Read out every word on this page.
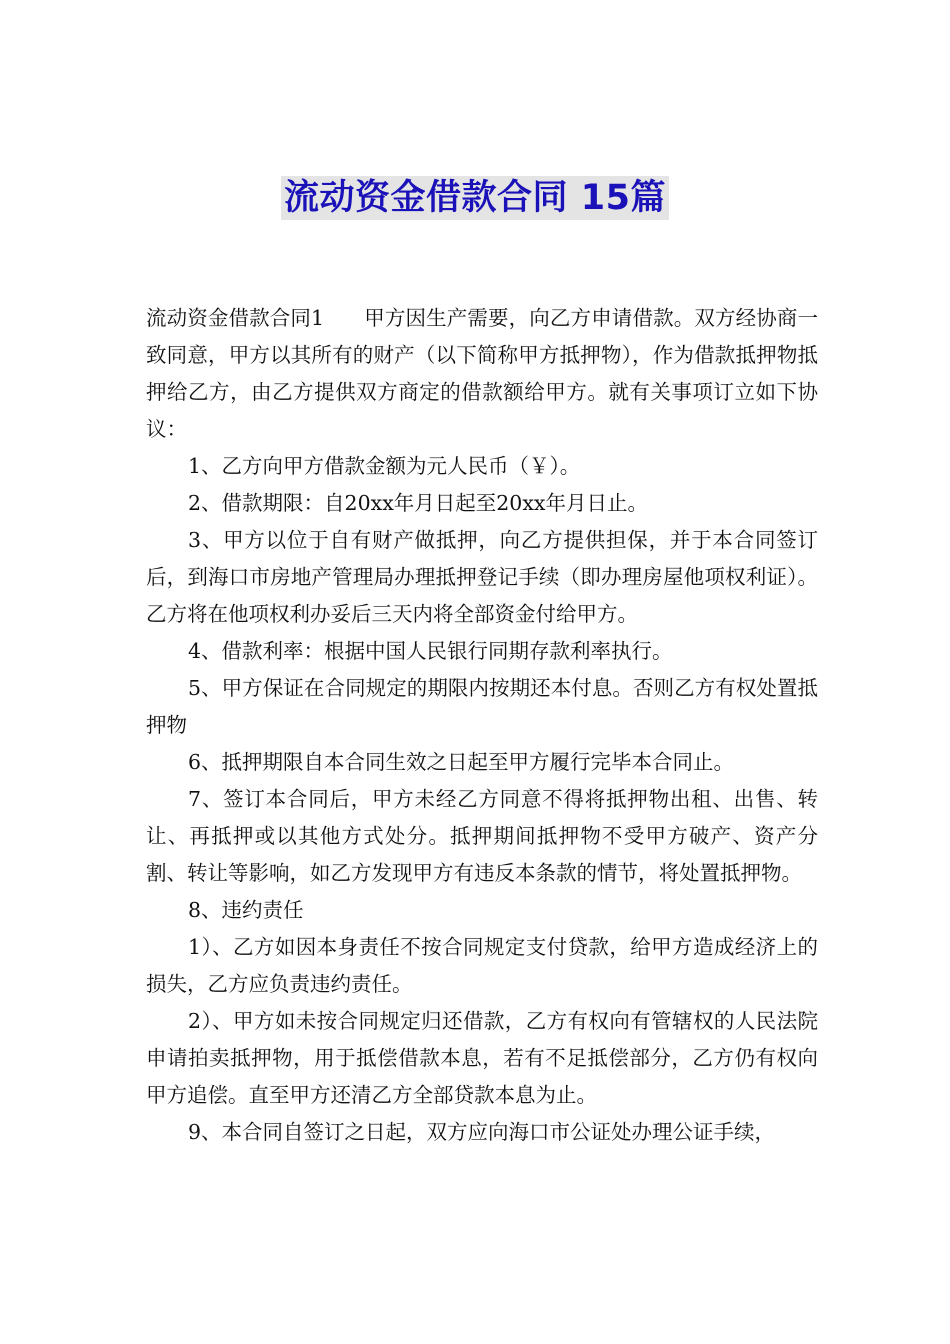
流动资金借款合同 15篇

流动资金借款合同1 甲方因生产需要，向乙方申请借款。双方经协商一致同意，甲方以其所有的财产（以下简称甲方抵押物），作为借款抵押物抵押给乙方，由乙方提供双方商定的借款额给甲方。就有关事项订立如下协议：

1、乙方向甲方借款金额为元人民币（￥）。

2、借款期限：自20xx年月日起至20xx年月日止。

3、甲方以位于自有财产做抵押，向乙方提供担保，并于本合同签订后，到海口市房地产管理局办理抵押登记手续（即办理房屋他项权利证）。乙方将在他项权利办妥后三天内将全部资金付给甲方。

4、借款利率：根据中国人民银行同期存款利率执行。

5、甲方保证在合同规定的期限内按期还本付息。否则乙方有权处置抵押物

6、抵押期限自本合同生效之日起至甲方履行完毕本合同止。

7、签订本合同后，甲方未经乙方同意不得将抵押物出租、出售、转让、再抵押或以其他方式处分。抵押期间抵押物不受甲方破产、资产分割、转让等影响，如乙方发现甲方有违反本条款的情节，将处置抵押物。

8、违约责任

1）、乙方如因本身责任不按合同规定支付贷款，给甲方造成经济上的损失，乙方应负责违约责任。

2）、甲方如未按合同规定归还借款，乙方有权向有管辖权的人民法院申请拍卖抵押物，用于抵偿借款本息，若有不足抵偿部分，乙方仍有权向甲方追偿。直至甲方还清乙方全部贷款本息为止。

9、本合同自签订之日起，双方应向海口市公证处办理公证手续，
